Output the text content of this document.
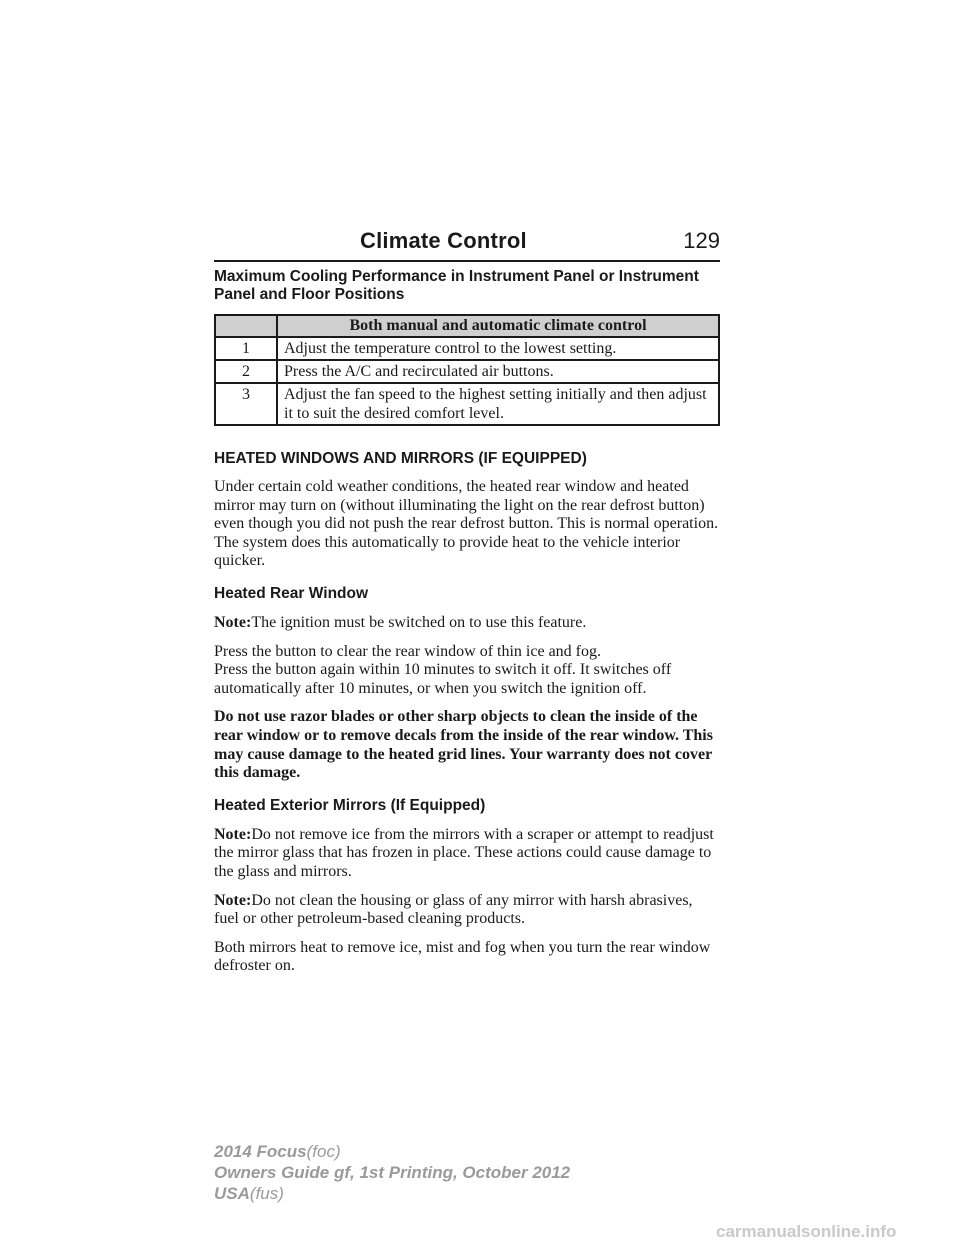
Climate Control	129
Maximum Cooling Performance in Instrument Panel or Instrument Panel and Floor Positions
	Both manual and automatic climate control
1	Adjust the temperature control to the lowest setting.
2	Press the A/C and recirculated air buttons.
3	Adjust the fan speed to the highest setting initially and then adjust it to suit the desired comfort level.
HEATED WINDOWS AND MIRRORS (IF EQUIPPED)

Under certain cold weather conditions, the heated rear window and heated mirror may turn on (without illuminating the light on the rear defrost button) even though you did not push the rear defrost button. This is normal operation. The system does this automatically to provide heat to the vehicle interior quicker.

Heated Rear Window

Note:The ignition must be switched on to use this feature.

Press the button to clear the rear window of thin ice and fog.

Press the button again within 10 minutes to switch it off. It switches off automatically after 10 minutes, or when you switch the ignition off.

Do not use razor blades or other sharp objects to clean the inside of the rear window or to remove decals from the inside of the rear window. This may cause damage to the heated grid lines. Your warranty does not cover this damage.

Heated Exterior Mirrors (If Equipped)

Note:Do not remove ice from the mirrors with a scraper or attempt to readjust the mirror glass that has frozen in place. These actions could cause damage to the glass and mirrors.

Note:Do not clean the housing or glass of any mirror with harsh abrasives, fuel or other petroleum-based cleaning products.

Both mirrors heat to remove ice, mist and fog when you turn the rear window defroster on.

2014 Focus(foc)
Owners Guide gf, 1st Printing, October 2012
USA(fus)
carmanualsonline.info
